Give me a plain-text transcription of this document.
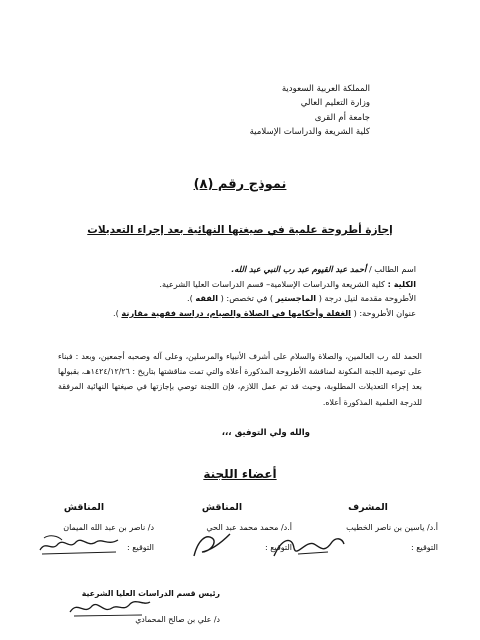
المملكة العربية السعودية
وزارة التعليم العالي
جامعة أم القرى
كلية الشريعة والدراسات الإسلامية
نموذج رقم (٨)
إجازة أطروحة علمية في صيغتها النهائية بعد إجراء التعديلات
اسم الطالب / أحمد عبد القيوم عبد رب النبي عبد الله.
الكلية : كلية الشريعة والدراسات الإسلامية– قسم الدراسات العليا الشرعية.
الأطروحة مقدمة لنيل درجة ( الماجستير ) في تخصص: ( الفقه ).
عنوان الأطروحة: ( الغفلة وأحكامها في الصلاة والصيام، دراسة فقهية مقارنة ).
الحمد لله رب العالمين، والصلاة والسلام على أشرف الأنبياء والمرسلين، وعلى آله وصحبه أجمعين، وبعد : فبناء على توصية اللجنة المكونة لمناقشة الأطروحة المذكورة أعلاه والتي تمت مناقشتها بتاريخ : ١٤٢٤/١٢/٢٦هـ، بقبولها بعد إجراء التعديلات المطلوبة، وحيث قد تم عمل اللازم، فإن اللجنة توصي بإجازتها في صيغتها النهائية المرفقة للدرجة العلمية المذكورة أعلاه.
والله ولي التوفيق ،،،
أعضاء اللجنة
المشرف
أ.د/ ياسين بن ناصر الخطيب
التوقيع :
المناقش
أ.د/ محمد محمد عبد الحي
التوقيع :
المناقش
د/ ناصر بن عبد الله الميمان
التوقيع :
رئيس قسم الدراسات العليا الشرعية
د/ علي بن صالح المحمادي
